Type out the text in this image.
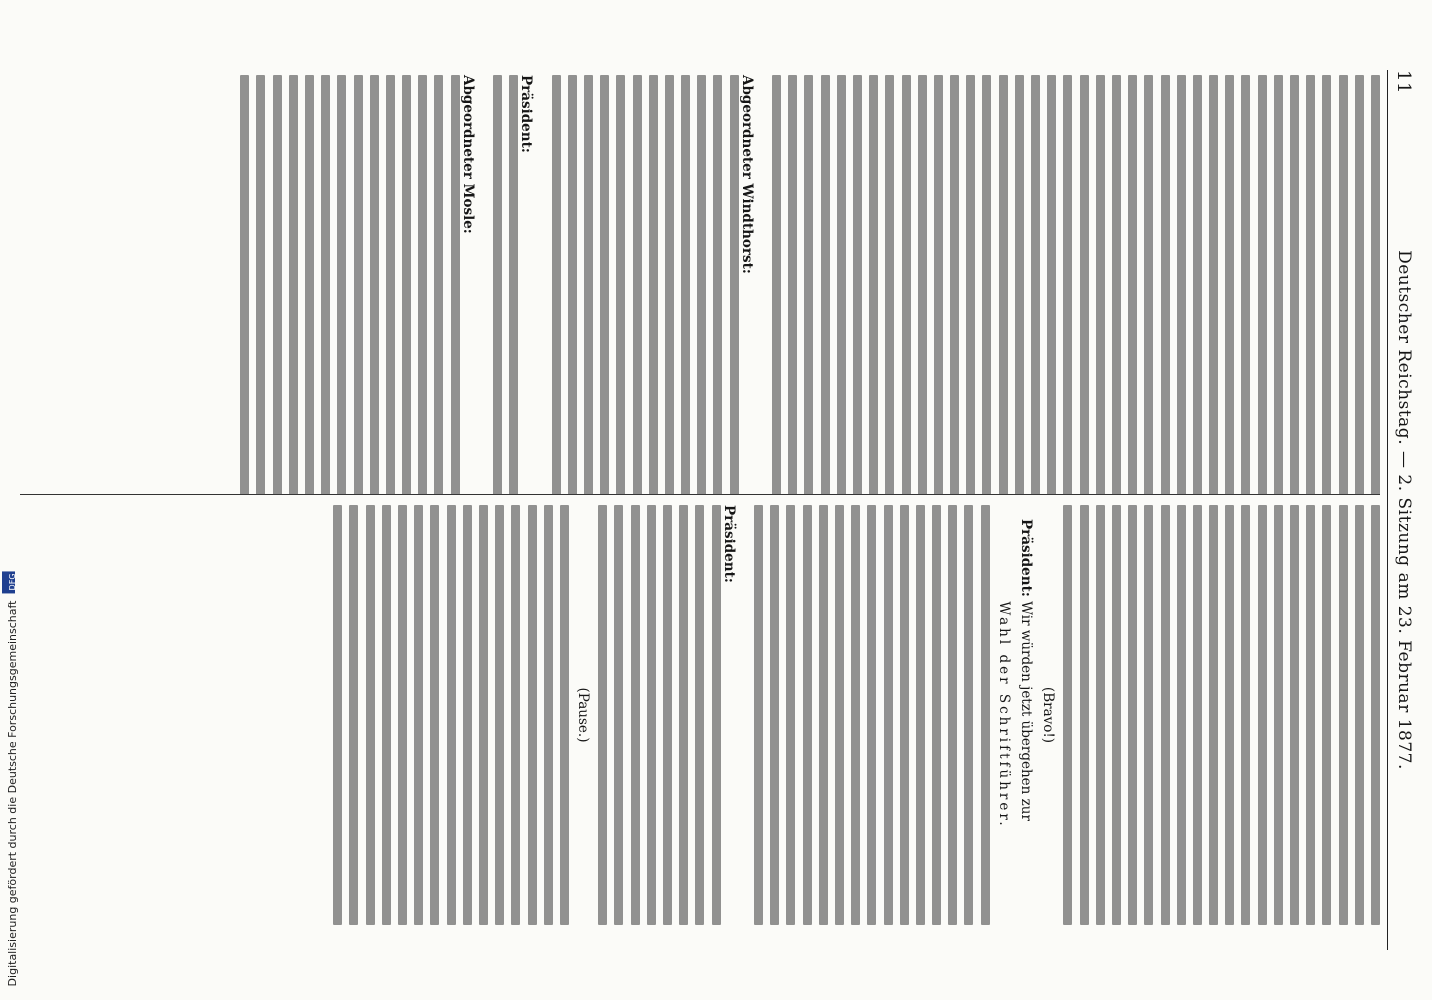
11
Deutscher Reichstag. — 2. Sitzung am 23. Februar 1877.
Abgeordneter Windthorst:
Präsident:
Abgeordneter Mosle:

(Bravo!)

Präsident: Wir würden jetzt übergehen zur

Wahl der Schriftführer.

Präsident:

(Pause.)

Digitalisierung gefördert durch die Deutsche Forschungsgemeinschaft DFG
